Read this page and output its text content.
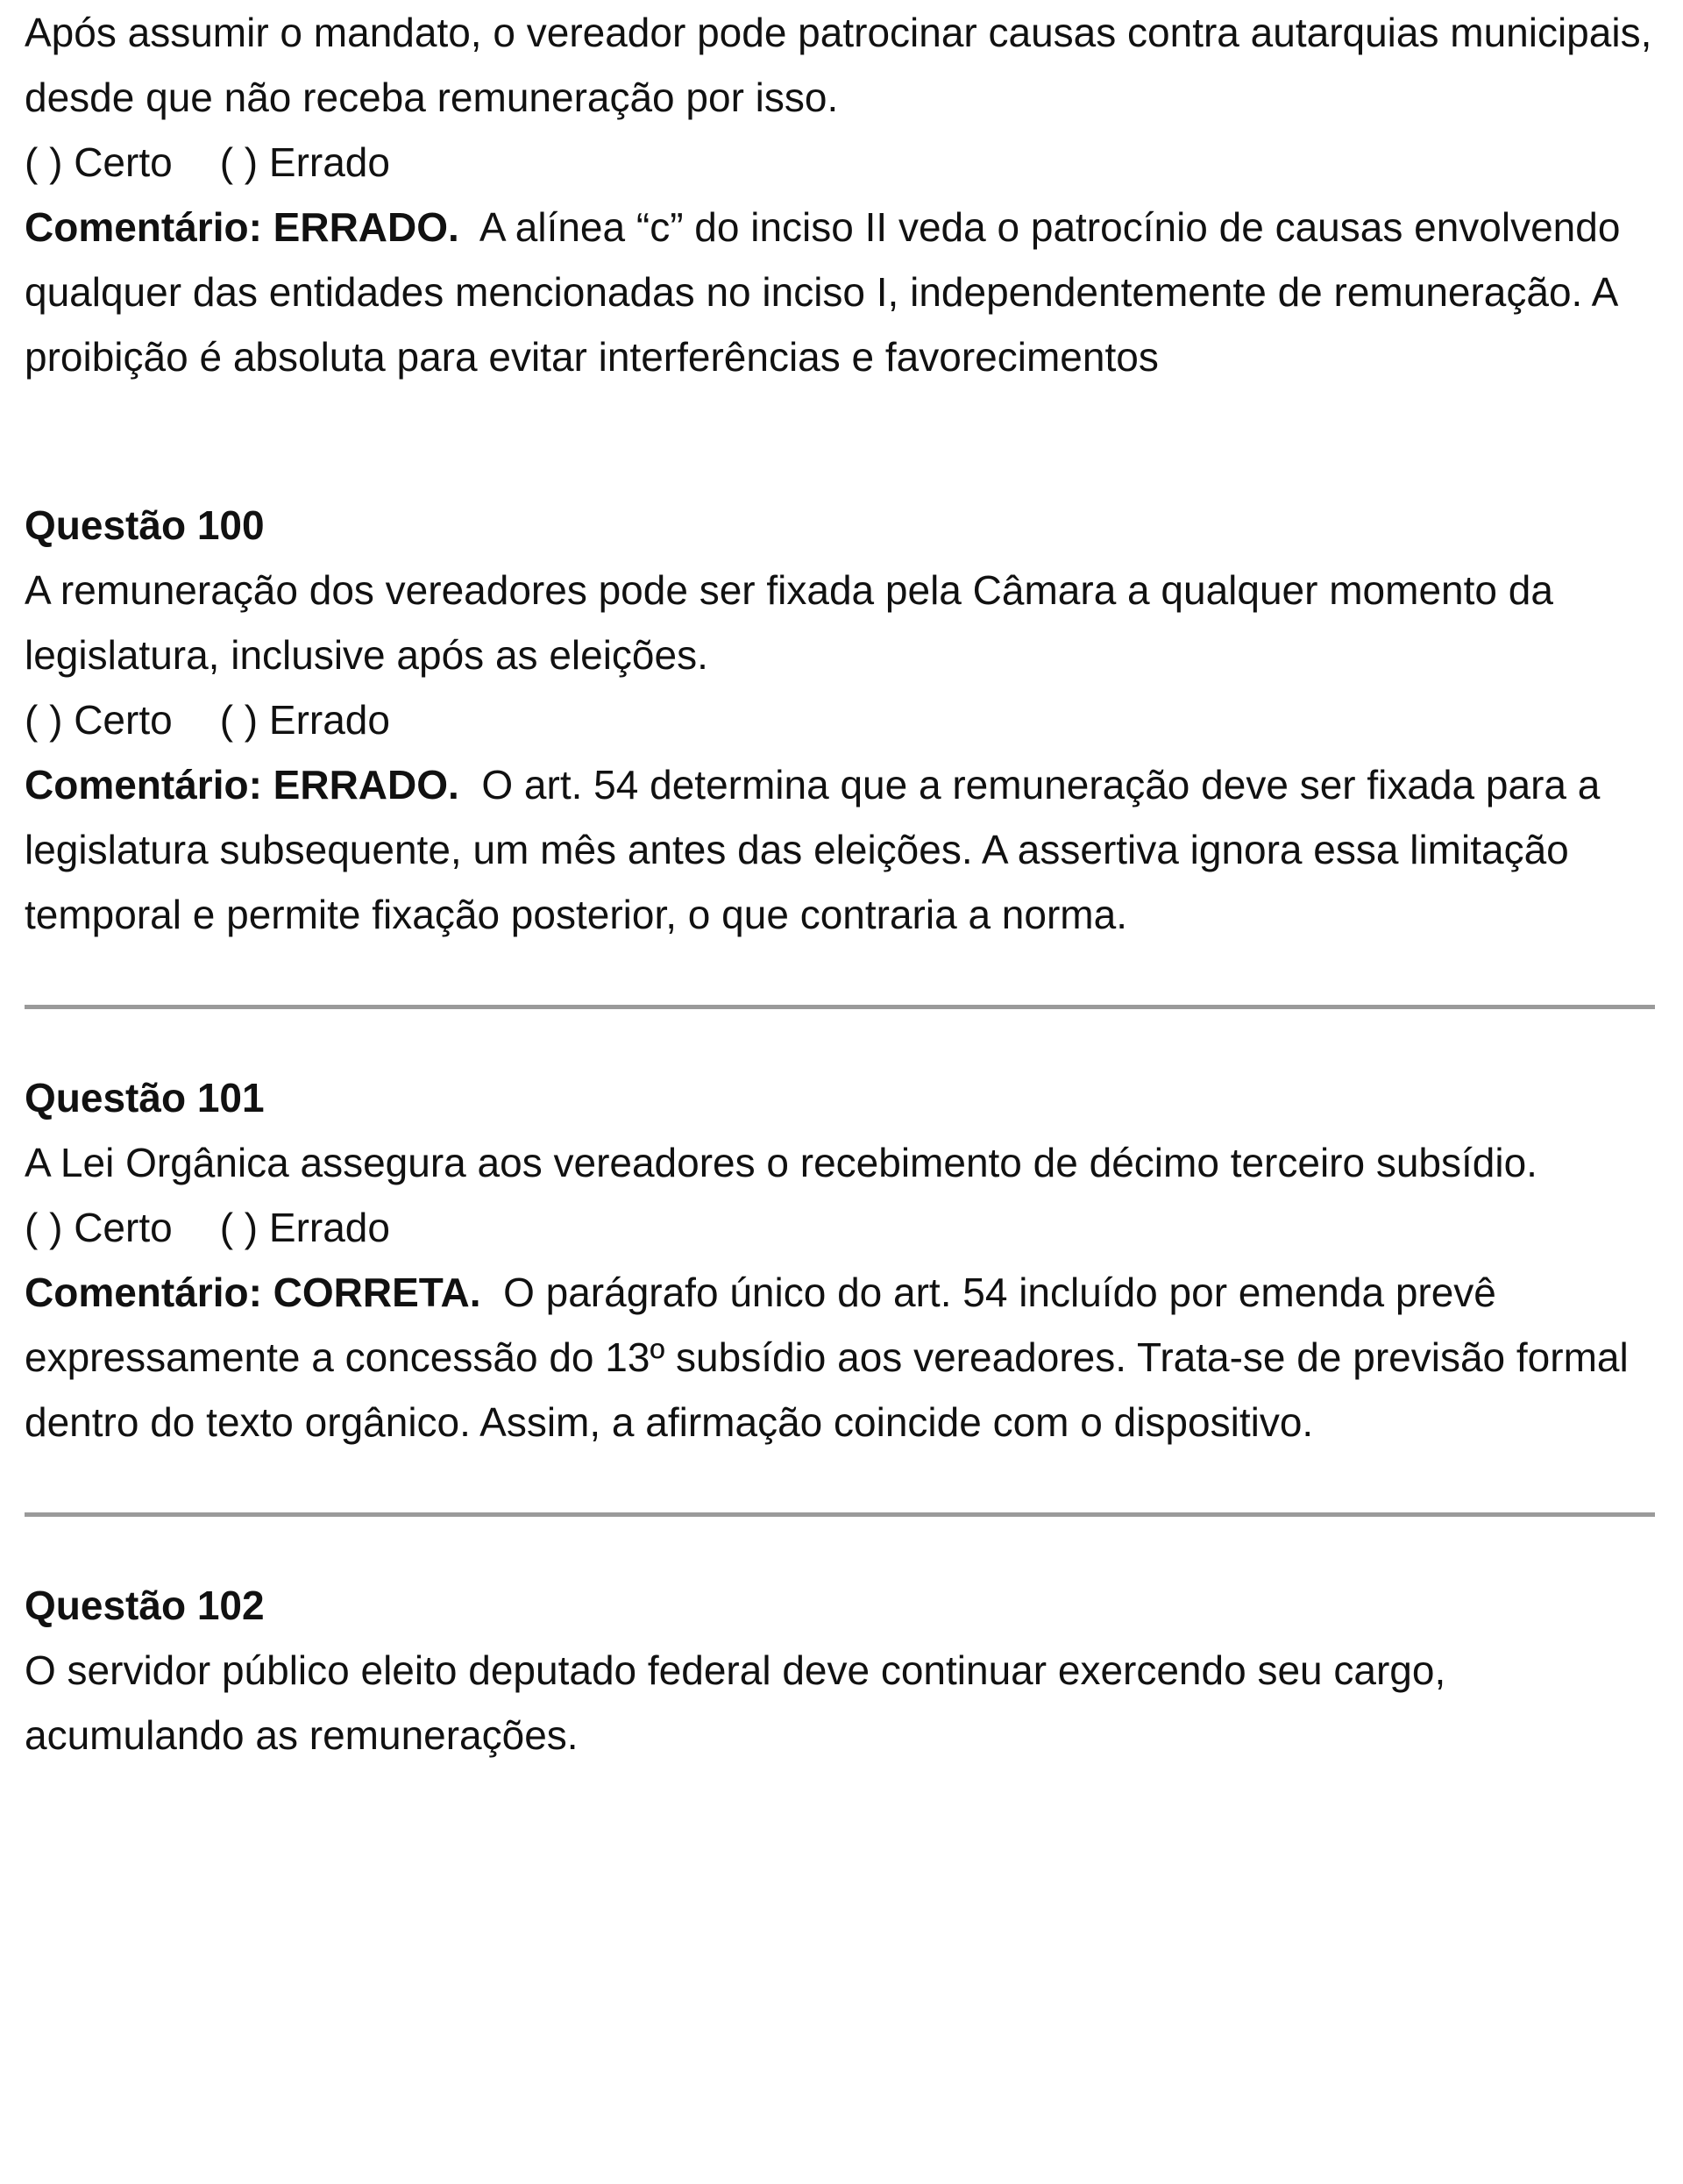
Após assumir o mandato, o vereador pode patrocinar causas contra autarquias municipais, desde que não receba remuneração por isso.

( ) Certo ( ) Errado

Comentário: ERRADO. A alínea “c” do inciso II veda o patrocínio de causas envolvendo qualquer das entidades mencionadas no inciso I, independentemente de remuneração. A proibição é absoluta para evitar interferências e favorecimentos

Questão 100

A remuneração dos vereadores pode ser fixada pela Câmara a qualquer momento da legislatura, inclusive após as eleições.

( ) Certo ( ) Errado

Comentário: ERRADO. O art. 54 determina que a remuneração deve ser fixada para a legislatura subsequente, um mês antes das eleições. A assertiva ignora essa limitação temporal e permite fixação posterior, o que contraria a norma.

Questão 101

A Lei Orgânica assegura aos vereadores o recebimento de décimo terceiro subsídio.

( ) Certo ( ) Errado

Comentário: CORRETA. O parágrafo único do art. 54 incluído por emenda prevê expressamente a concessão do 13º subsídio aos vereadores. Trata-se de previsão formal dentro do texto orgânico. Assim, a afirmação coincide com o dispositivo.

Questão 102

O servidor público eleito deputado federal deve continuar exercendo seu cargo, acumulando as remunerações.
